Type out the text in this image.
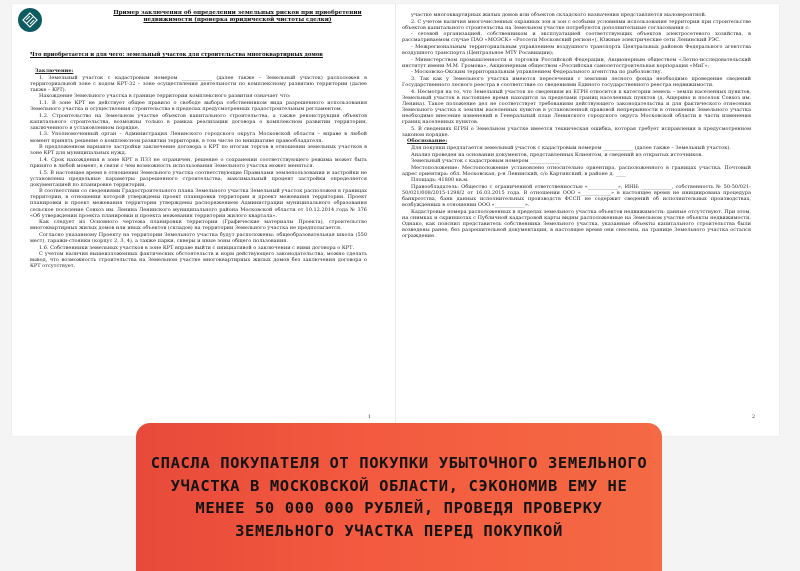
Пример заключения об определении земельных рисков при приобретении недвижимости (проверка юридической чистоты сделки)
Что приобретается и для чего: земельный участок для строительства многоквартирных домов

Заключение:

1. Земельный участок с кадастровым номером ____________ (далее также – Земельный участок) расположен в территориальной зоне с кодом КРТ-32 – зоне осуществления деятельности по комплексному развитию территории (далее также – КРТ).

Нахождение Земельного участка в границе территории комплексного развития означает что:

1.1. В зоне КРТ не действует общее правило о свободе выбора собственником вида разрешенного использования Земельного участка и осуществления строительства в пределах предусмотренных градостроительным регламентом.

1.2. Строительство на Земельном участке объектов капитального строительства, а также реконструкция объектов капитального строительства, возможны только в рамках реализации договора о комплексном развитии территории, заключенного в установленном порядке.

1.3. Уполномоченный орган – Администрация Ленинского городского округа Московской области – вправе в любой момент принять решение о комплексном развитии территории, в том числе по инициативе правообладателя.

В предложенном варианте застройки заключение договора о КРТ по итогам торгов в отношении земельных участков в зоне КРТ для муниципальных нужд.

1.4. Срок нахождения в зоне КРТ в ПЗЗ не ограничен, решение о сохранении соответствующего режима может быть принято в любой момент, в связи с чем возможность использования Земельного участка может меняться.

1.5. В настоящее время в отношении Земельного участка соответствующие Правилами землепользования и застройки не установлены предельные параметры разрешенного строительства; максимальный процент застройки определяется документацией по планировке территории.

В соответствии со сведениями Градостроительного плана Земельного участка Земельный участок расположен в границах территории, в отношении которой утверждены проект планировки территории и проект межевания территории. Проект планировки и проект межевания территории утверждены распоряжением Администрации муниципального образования сельское поселение Совхоз им. Ленина Ленинского муниципального района Московской области от 10.12.2014 года № 376 «Об утверждении проекта планировки и проекта межевания территории жилого квартала».

Как следует из Основного чертежа планировки территории (Графические материалы Проекта), строительство многоквартирных жилых домов или иных объектов (складов) на территории Земельного участка не предполагается.

Согласно указанному Проекту на территории Земельного участка будут расположены: общеобразовательная школа (550 мест), гаражи-стоянки (корпус 2, 3, 4), а также парки, скверы и иные зоны общего пользования.

1.6. Собственники земельных участков в зоне КРТ вправе выйти с инициативой о заключении с ними договора о КРТ.

С учетом наличия вышеизложенных фактических обстоятельств и норм действующего законодательства, можно сделать вывод, что возможность строительства на Земельном участке многоквартирных жилых домов без заключения договора о КРТ отсутствует.

1

участке многоквартирных жилых домов или объектов складского назначения представляется маловероятной.

2. С учетом наличия многочисленных охранных зон и зон с особыми условиями использования территории при строительстве объектов капитального строительства на Земельном участке потребуются дополнительные согласования с:

- сетевой организацией, собственником и эксплуатацией соответствующих объектов электросетевого хозяйства, в рассматриваемом случае ПАО «МОЭСК» «Россети Московский регион»), Южные электрические сети Ленинский РЭС.

- Межрегиональным территориальным управлением воздушного транспорта Центральных районов Федерального агентства воздушного транспорта (Центральное МТУ Росавиации);

- Министерством промышленности и торговли Российской Федерации, Акционерным обществом «Летно-исследовательский институт имени М.М. Громова», Акционерным обществом «Российская самолетостроительная корпорация «МиГ»;

- Московско-Окским территориальным управлением Федерального агентства по рыболовству.

3. Так как у Земельного участка имеются пересечения с землями лесного фонда необходимо проведение сведений Государственного лесного реестра в соответствие со сведениями Единого государственного реестра недвижимости.

4. Несмотря на то, что Земельный участок по сведениям из ЕГРН относится к категории земель – земли населенных пунктов, Земельный участок в настоящее время находится за пределами границ населенных пунктов (д. Ащерино и поселок Совхоз им. Ленина). Такое положение дел не соответствует требованиям действующего законодательства и для фактического отнесения Земельного участка к землям населенных пунктов в установленной правовой непрерывности в отношении Земельного участка необходимо внесение изменений в Генеральный план Ленинского городского округа Московской области в части изменения границ населенных пунктов.

5. В сведениях ЕГРН о Земельном участке имеется техническая ошибка, которая требует исправления в предусмотренном законом порядке.

Обоснование:

Для покупки предлагается земельный участок с кадастровым номером ____________ (далее также – Земельный участок).

Анализ проведен на основании документов, представленных Клиентом, и сведений из открытых источников.

Земельный участок с кадастровым номером ____________

Местоположение: Местоположение установлено относительно ориентира, расположенного в границах участка. Почтовый адрес ориентира: обл. Московская, р-н Ленинский, с/о Картинский, в районе д. ____

Площадь: 41800 кв.м.

Правообладатель: Общество с ограниченной ответственностью «____________», ИНН: ____________, собственность № 50-50/021-50/021/008/2015-1298/2 от 16.03.2015 года. В отношении ООО «____________» в настоящее время не инициирована процедура банкротства, банк данных исполнительных производств ФССП не содержит сведений об исполнительных производствах, возбужденных в отношении ООО «____________».

Кадастровые номера расположенных в пределах земельного участка объектов недвижимости: данные отсутствуют. При этом, на снимках и скриншотах с Публичной кадастровой карты видны расположенные на Земельном участке объекты недвижимости. Однако, как пояснил представитель собственника Земельного участка, указанные объекты капитального строительства были возведены ранее, без разрешительной документации, в настоящее время они снесены, на границе Земельного участка остался ограждение.

2

СПАСЛА ПОКУПАТЕЛЯ ОТ ПОКУПКИ УБЫТОЧНОГО ЗЕМЕЛЬНОГО УЧАСТКА В МОСКОВСКОЙ ОБЛАСТИ, СЭКОНОМИВ ЕМУ НЕ МЕНЕЕ 50 000 000 РУБЛЕЙ, ПРОВЕДЯ ПРОВЕРКУ ЗЕМЕЛЬНОГО УЧАСТКА ПЕРЕД ПОКУПКОЙ
